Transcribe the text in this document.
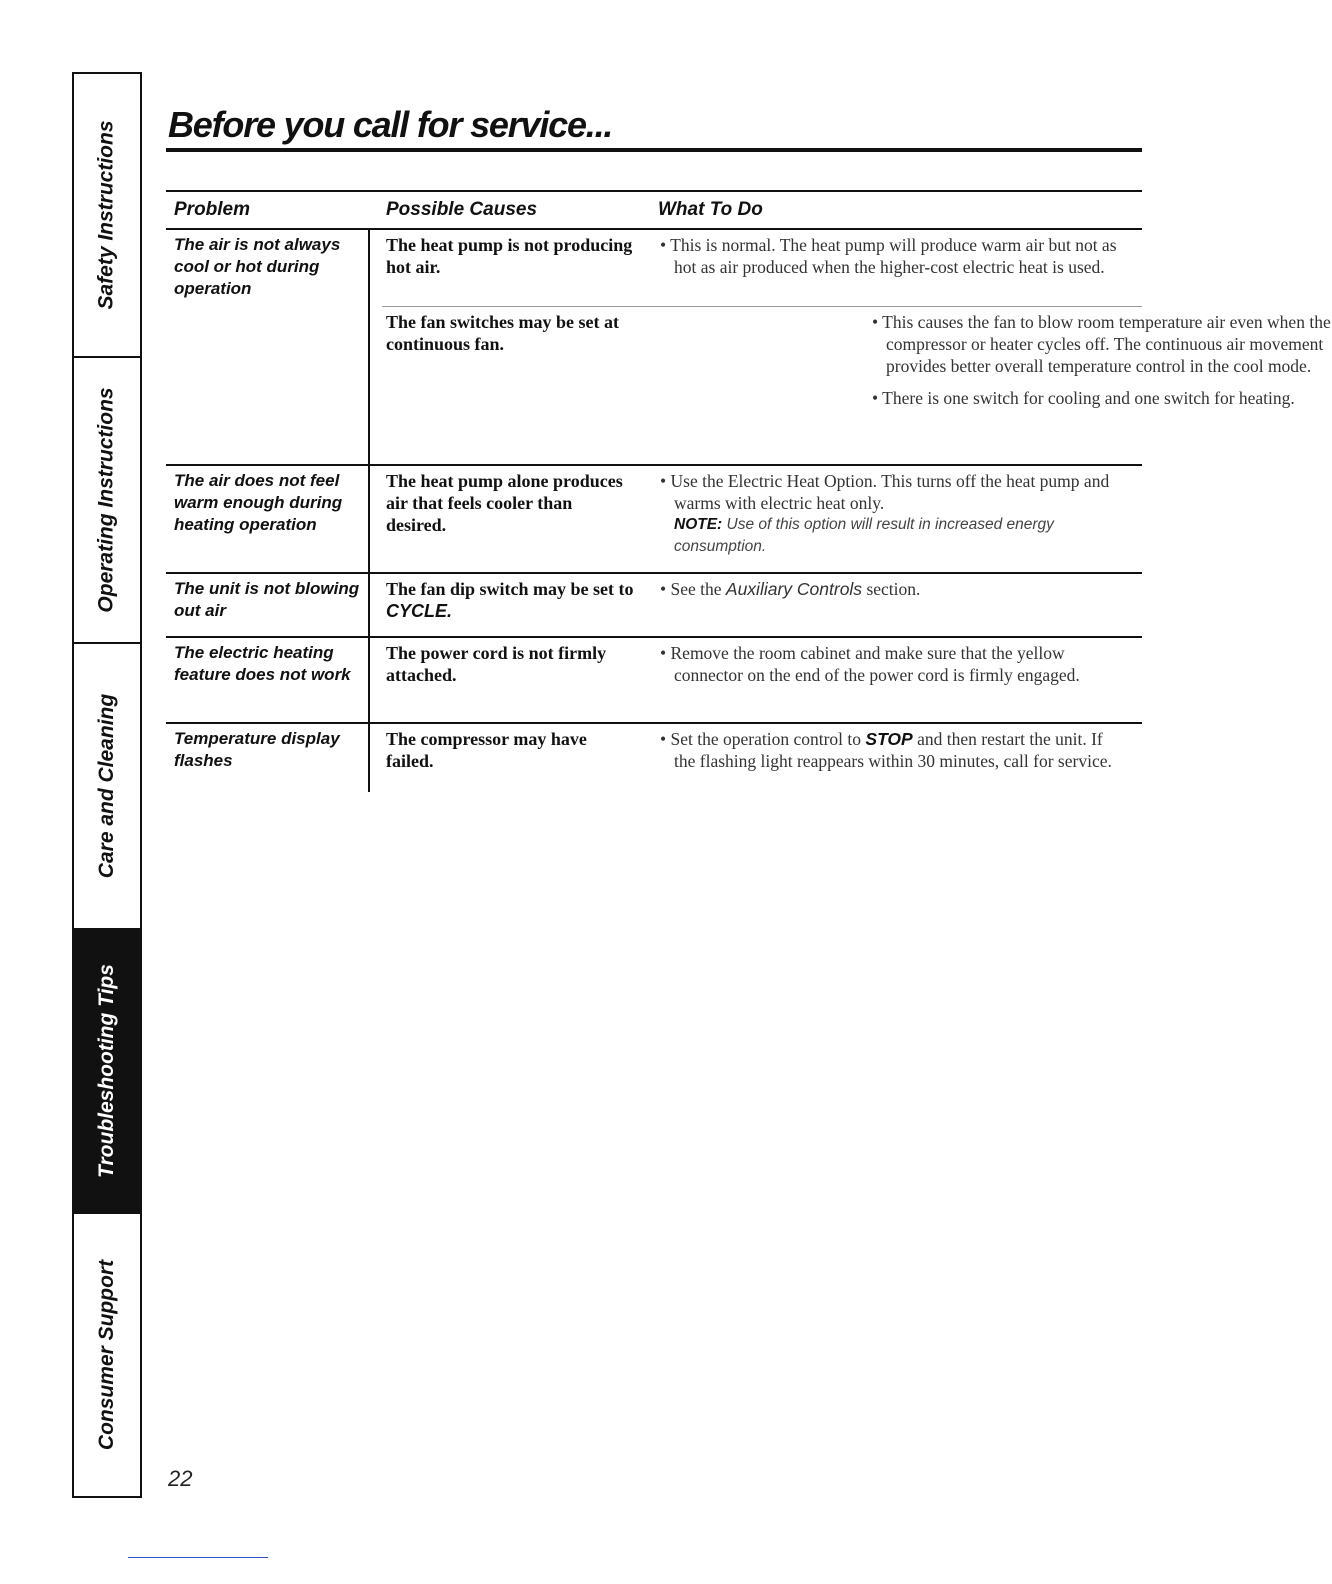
Safety Instructions
Operating Instructions
Care and Cleaning
Troubleshooting Tips
Consumer Support
Before you call for service...
Problem	Possible Causes	What To Do
The air is not always cool or hot during operation
The heat pump is not producing hot air.

• This is normal. The heat pump will produce warm air but not as hot as air produced when the higher-cost electric heat is used.

The fan switches may be set at continuous fan.

• This causes the fan to blow room temperature air even when the compressor or heater cycles off. The continuous air movement provides better overall temperature control in the cool mode.

• There is one switch for cooling and one switch for heating.

The air does not feel warm enough during heating operation
The heat pump alone produces air that feels cooler than desired.

• Use the Electric Heat Option. This turns off the heat pump and warms with electric heat only.

NOTE: Use of this option will result in increased energy consumption.
The unit is not blowing out air
The fan dip switch may be set to CYCLE.

• See the Auxiliary Controls section.

The electric heating feature does not work
The power cord is not firmly attached.

• Remove the room cabinet and make sure that the yellow connector on the end of the power cord is firmly engaged.

Temperature display flashes
The compressor may have failed.

• Set the operation control to STOP and then restart the unit. If the flashing light reappears within 30 minutes, call for service.

22
